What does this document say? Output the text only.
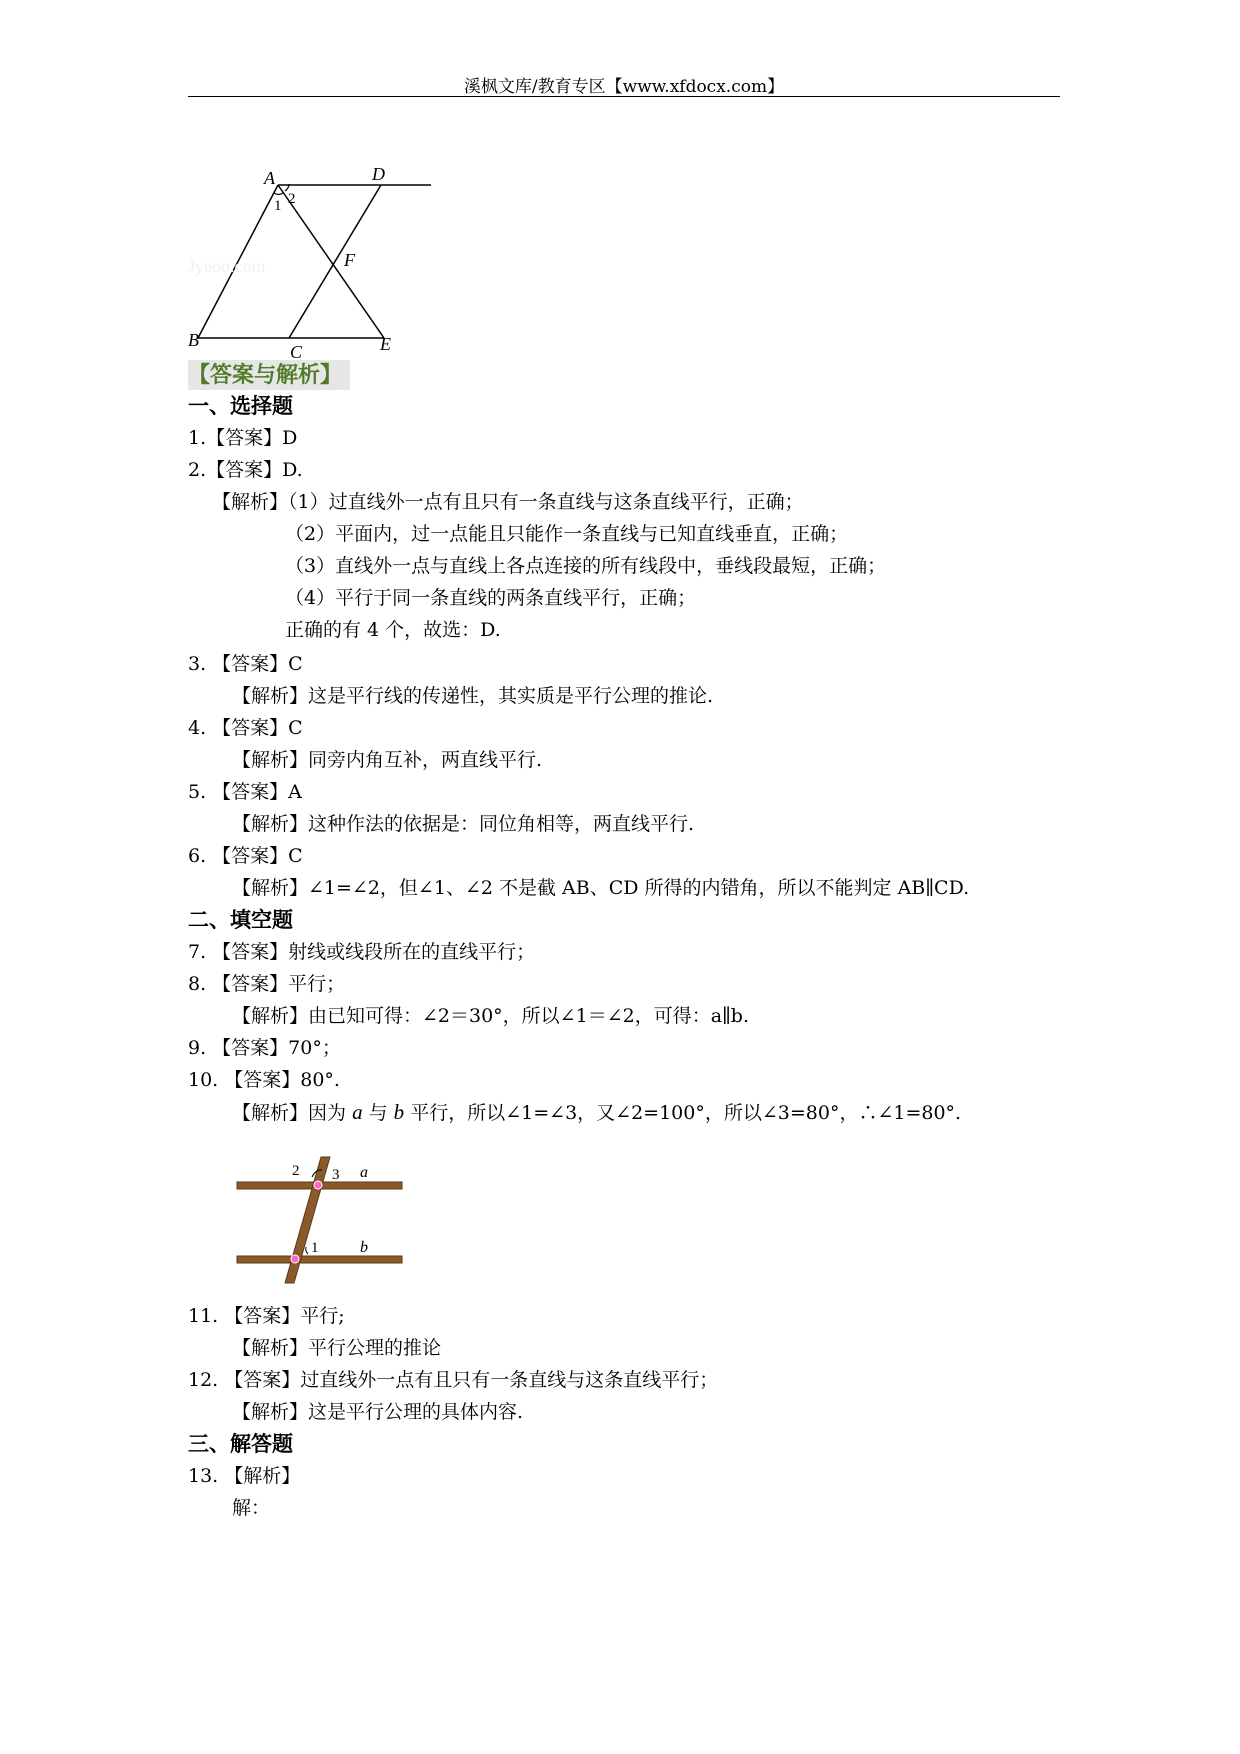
溪枫文库/教育专区【www.xfdocx.com】
Jyeoo.com
A	D
1 2
F
B
C	E
【答案与解析】
一、选择题
1.【答案】D
2.【答案】D.
【解析】（1）过直线外一点有且只有一条直线与这条直线平行，正确；
（2）平面内，过一点能且只能作一条直线与已知直线垂直，正确；
（3）直线外一点与直线上各点连接的所有线段中，垂线段最短，正确；
（4）平行于同一条直线的两条直线平行，正确；
正确的有 4 个，故选：D.
3. 【答案】C
【解析】这是平行线的传递性，其实质是平行公理的推论.
4. 【答案】C
【解析】同旁内角互补，两直线平行.
5. 【答案】A
【解析】这种作法的依据是：同位角相等，两直线平行.
6. 【答案】C
【解析】∠1=∠2，但∠1、∠2 不是截 AB、CD 所得的内错角，所以不能判定 AB∥CD.
二、填空题
7. 【答案】射线或线段所在的直线平行；
8. 【答案】平行；
【解析】由已知可得：∠2＝30°，所以∠1＝∠2，可得：a∥b.
9. 【答案】70°；
10. 【答案】80°.
【解析】因为 a 与 b 平行，所以∠1=∠3，又∠2=100°，所以∠3=80°，∴∠1=80°.
2 3 a
1	b
11. 【答案】平行;
【解析】平行公理的推论
12. 【答案】过直线外一点有且只有一条直线与这条直线平行；
【解析】这是平行公理的具体内容.
三、解答题
13. 【解析】
解：
